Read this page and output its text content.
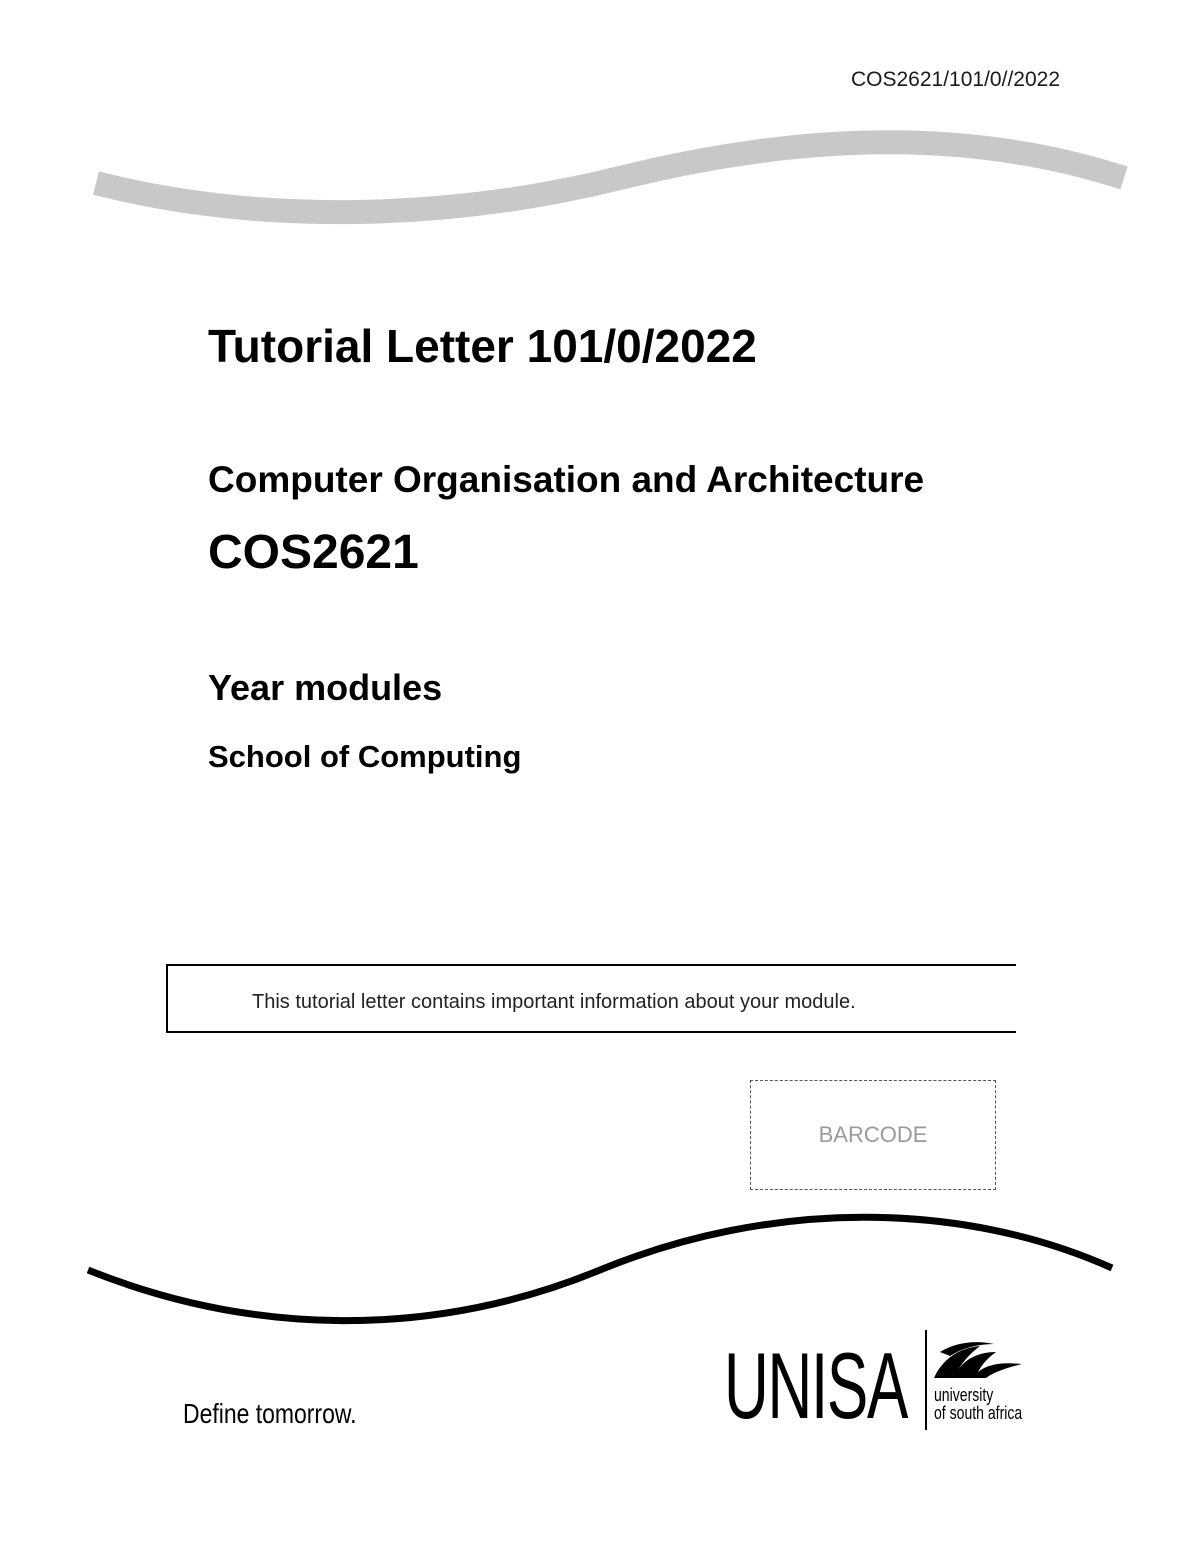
COS2621/101/0//2022
Tutorial Letter 101/0/2022
Computer Organisation and Architecture
COS2621
Year modules
School of Computing
This tutorial letter contains important information about your module.
BARCODE
Define tomorrow.	UNISA university
of south africa
